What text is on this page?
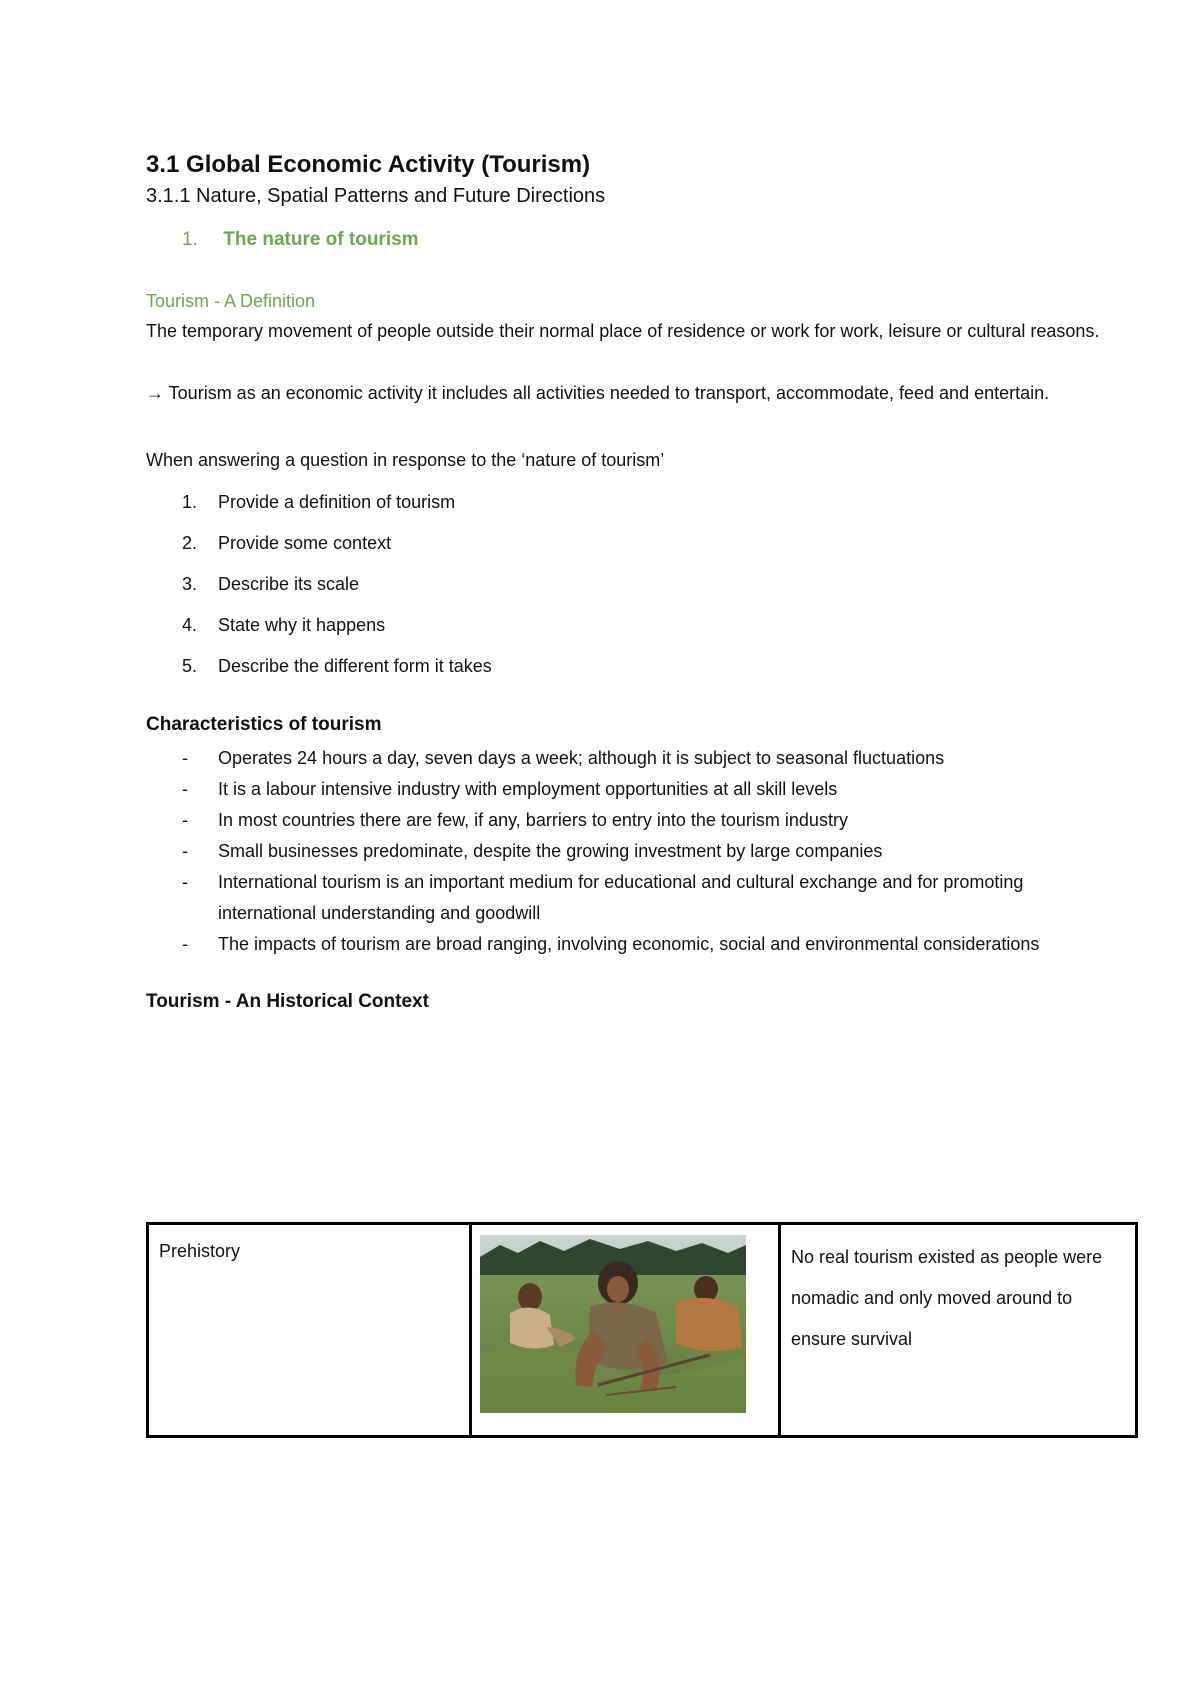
3.1 Global Economic Activity (Tourism)
3.1.1 Nature, Spatial Patterns and Future Directions
1. The nature of tourism
Tourism - A Definition

The temporary movement of people outside their normal place of residence or work for work, leisure or cultural reasons.

→ Tourism as an economic activity it includes all activities needed to transport, accommodate, feed and entertain.

When answering a question in response to the ‘nature of tourism’

1.	Provide a definition of tourism
2.	Provide some context
3.	Describe its scale
4.	State why it happens
5.	Describe the different form it takes
Characteristics of tourism
-	Operates 24 hours a day, seven days a week; although it is subject to seasonal fluctuations
-	It is a labour intensive industry with employment opportunities at all skill levels
-	In most countries there are few, if any, barriers to entry into the tourism industry
-	Small businesses predominate, despite the growing investment by large companies
-	International tourism is an important medium for educational and cultural exchange and for promoting international understanding and goodwill
-	The impacts of tourism are broad ranging, involving economic, social and environmental considerations
Tourism - An Historical Context
Prehistory		No real tourism existed as people were nomadic and only moved around to ensure survival
